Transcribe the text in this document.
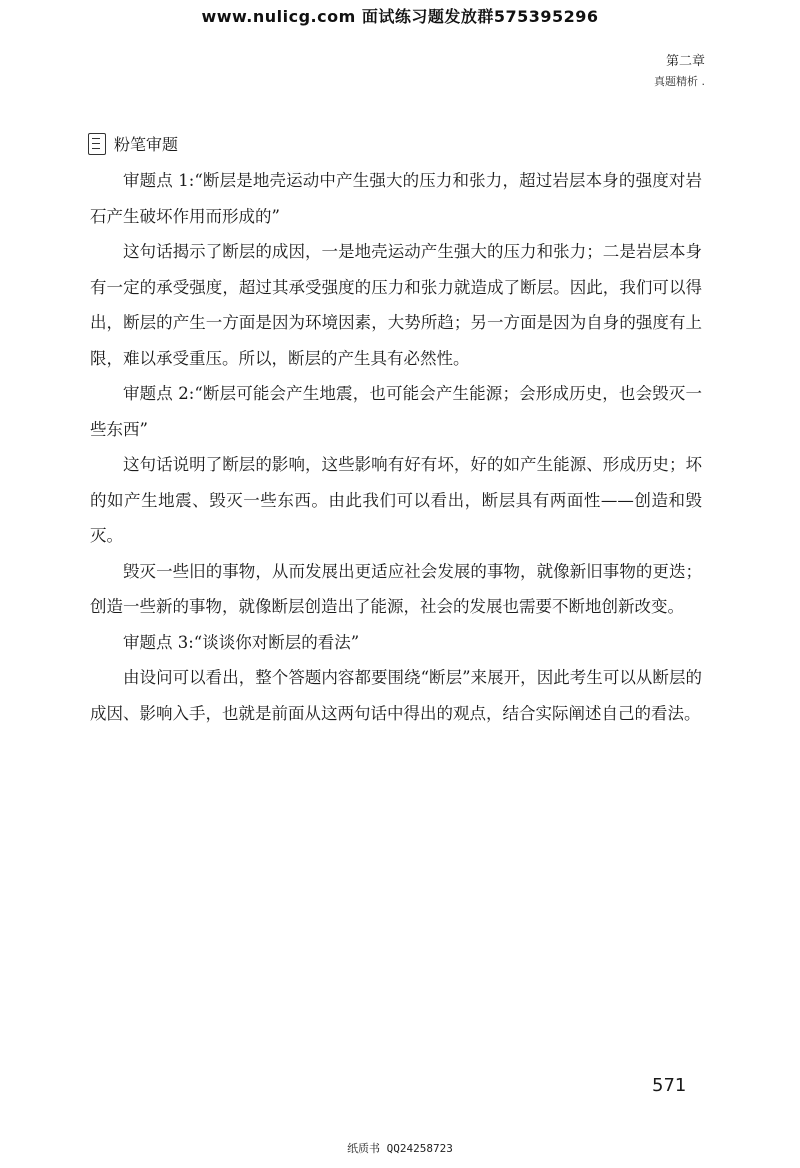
www.nulicg.com 面试练习题发放群575395296
第二章
真题精析 .
粉笔审题

审题点 1:“断层是地壳运动中产生强大的压力和张力，超过岩层本身的强度对岩石产生破坏作用而形成的”

这句话揭示了断层的成因，一是地壳运动产生强大的压力和张力；二是岩层本身有一定的承受强度，超过其承受强度的压力和张力就造成了断层。因此，我们可以得出，断层的产生一方面是因为环境因素，大势所趋；另一方面是因为自身的强度有上限，难以承受重压。所以，断层的产生具有必然性。

审题点 2:“断层可能会产生地震，也可能会产生能源；会形成历史，也会毁灭一些东西”

这句话说明了断层的影响，这些影响有好有坏，好的如产生能源、形成历史；坏的如产生地震、毁灭一些东西。由此我们可以看出，断层具有两面性——创造和毁灭。

毁灭一些旧的事物，从而发展出更适应社会发展的事物，就像新旧事物的更迭；创造一些新的事物，就像断层创造出了能源，社会的发展也需要不断地创新改变。

审题点 3:“谈谈你对断层的看法”

由设问可以看出，整个答题内容都要围绕“断层”来展开，因此考生可以从断层的成因、影响入手，也就是前面从这两句话中得出的观点，结合实际阐述自己的看法。

571
纸质书 QQ24258723
